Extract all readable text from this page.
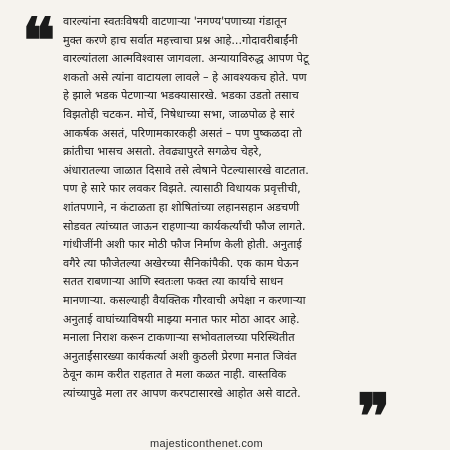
❝ वारल्यांना स्वतःविषयी वाटणाऱ्या 'नगण्य'पणाच्या गंडातून
मुक्त करणे हाच सर्वात महत्त्वाचा प्रश्न आहे...गोदावरीबाईंनी
वारल्यांतला आत्मविश्वास जागवला. अन्यायाविरुद्ध आपण पेटू
शकतो असे त्यांना वाटायला लावले – हे आवश्यकच होते. पण
हे झाले भडक पेटणाऱ्या भडक्यासारखे. भडका उडतो तसाच
विझतोही चटकन. मोर्चे, निषेधाच्या सभा, जाळपोळ हे सारं
आकर्षक असतं, परिणामकारकही असतं – पण पुष्कळदा तो
क्रांतीचा भासच असतो. तेवढ्यापुरते सगळेच चेहरे,
अंधारातल्या जाळात दिसावे तसे त्वेषाने पेटल्यासारखे वाटतात.
पण हे सारे फार लवकर विझते. त्यासाठी विधायक प्रवृत्तीची,
शांतपणाने, न कंटाळता हा शोषितांच्या लहानसहान अडचणी
सोडवत त्यांच्यात जाऊन राहणाऱ्या कार्यकर्त्यांची फौज लागते.
गांधीजींनी अशी फार मोठी फौज निर्माण केली होती. अनुताई
वगैरे त्या फौजेतल्या अखेरच्या सैनिकांपैकी. एक काम घेऊन
सतत राबणाऱ्या आणि स्वतःला फक्त त्या कार्याचे साधन
मानणाऱ्या. कसल्याही वैयक्तिक गौरवाची अपेक्षा न करणाऱ्या
अनुताई वाघांच्याविषयी माझ्या मनात फार मोठा आदर आहे.
मनाला निराश करून टाकणाऱ्या सभोवतालच्या परिस्थितीत
अनुताईंसारख्या कार्यकर्त्या अशी कुठली प्रेरणा मनात जिवंत
ठेवून काम करीत राहतात ते मला कळत नाही. वास्तविक
त्यांच्यापुढे मला तर आपण करपटासारखे आहोत असे वाटते. ❞
majesticonthenet.com
